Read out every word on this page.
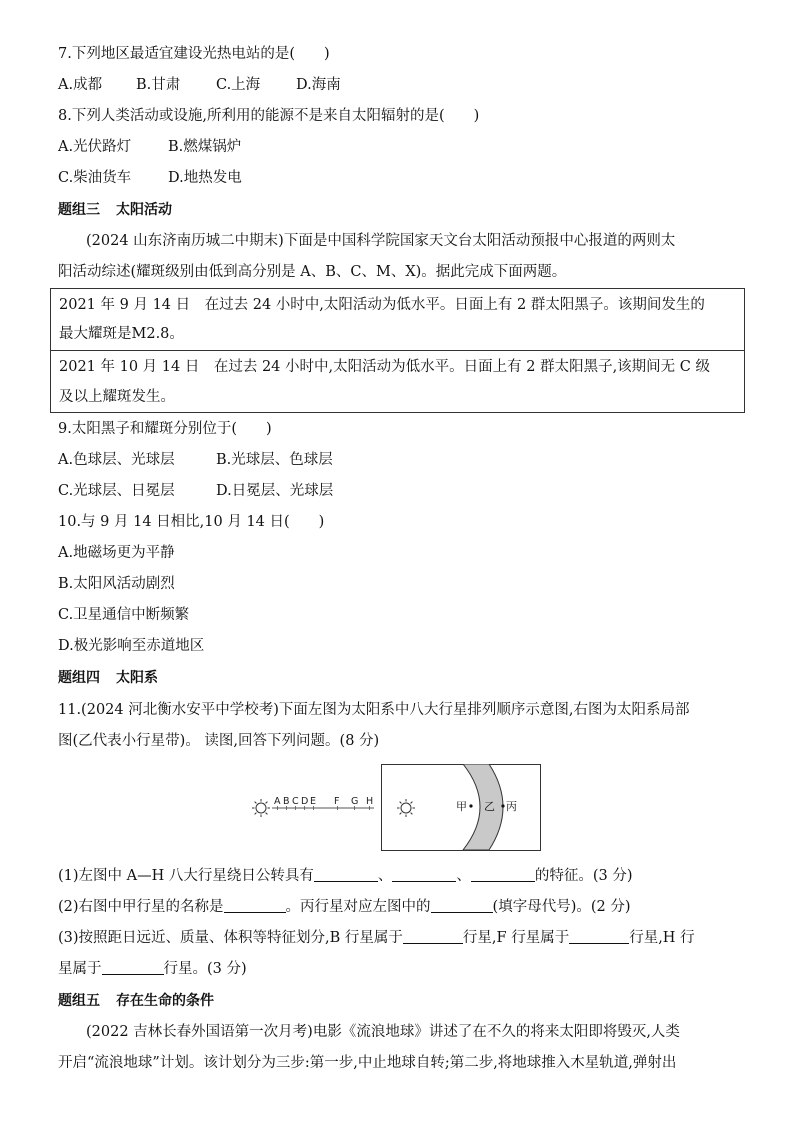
7.下列地区最适宜建设光热电站的是(　　)
A.成都 B.甘肃 C.上海 D.海南
8.下列人类活动或设施,所利用的能源不是来自太阳辐射的是(　　)
A.光伏路灯	B.燃煤锅炉
C.柴油货车	D.地热发电
题组三 太阳活动
(2024 山东济南历城二中期末)下面是中国科学院国家天文台太阳活动预报中心报道的两则太
阳活动综述(耀斑级别由低到高分别是 A、B、C、M、X)。据此完成下面两题。
2021 年 9 月 14 日　在过去 24 小时中,太阳活动为低水平。日面上有 2 群太阳黑子。该期间发生的
最大耀斑是M2.8。
2021 年 10 月 14 日　在过去 24 小时中,太阳活动为低水平。日面上有 2 群太阳黑子,该期间无 C 级
及以上耀斑发生。
9.太阳黑子和耀斑分别位于(　　)
A.色球层、光球层	B.光球层、色球层
C.光球层、日冕层	D.日冕层、光球层
10.与 9 月 14 日相比,10 月 14 日(　　)
A.地磁场更为平静
B.太阳风活动剧烈
C.卫星通信中断频繁
D.极光影响至赤道地区
题组四 太阳系
11.(2024 河北衡水安平中学校考)下面左图为太阳系中八大行星排列顺序示意图,右图为太阳系局部
图(乙代表小行星带)。 读图,回答下列问题。(8 分)
A B C D E F G H	甲 乙 丙
(1)左图中 A—H 八大行星绕日公转具有	、	、	的特征。(3 分)
(2)右图中甲行星的名称是	。丙行星对应左图中的	(填字母代号)。(2 分)
(3)按照距日远近、质量、体积等特征划分,B 行星属于	行星,F 行星属于	行星,H 行
星属于	行星。(3 分)
题组五 存在生命的条件
(2022 吉林长春外国语第一次月考)电影《流浪地球》讲述了在不久的将来太阳即将毁灭,人类
开启“流浪地球”计划。该计划分为三步:第一步,中止地球自转;第二步,将地球推入木星轨道,弹射出
